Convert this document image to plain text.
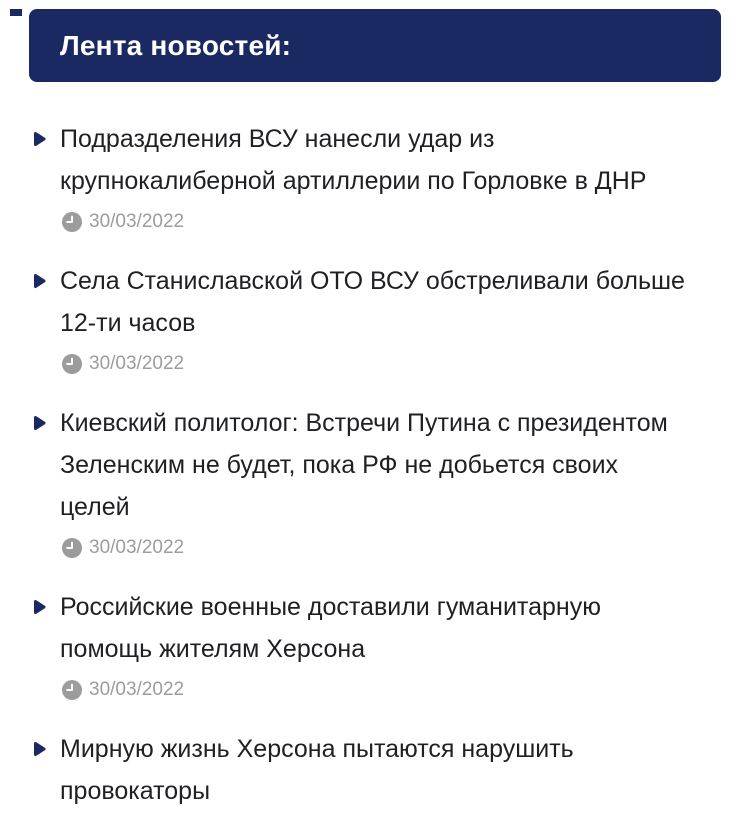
Лента новостей:
Подразделения ВСУ нанесли удар из
крупнокалиберной артиллерии по Горловке в ДНР
30/03/2022
Села Станиславской ОТО ВСУ обстреливали больше
12-ти часов
30/03/2022
Киевский политолог: Встречи Путина с президентом
Зеленским не будет, пока РФ не добьется своих
целей
30/03/2022
Российские военные доставили гуманитарную
помощь жителям Херсона
30/03/2022
Мирную жизнь Херсона пытаются нарушить
провокаторы
